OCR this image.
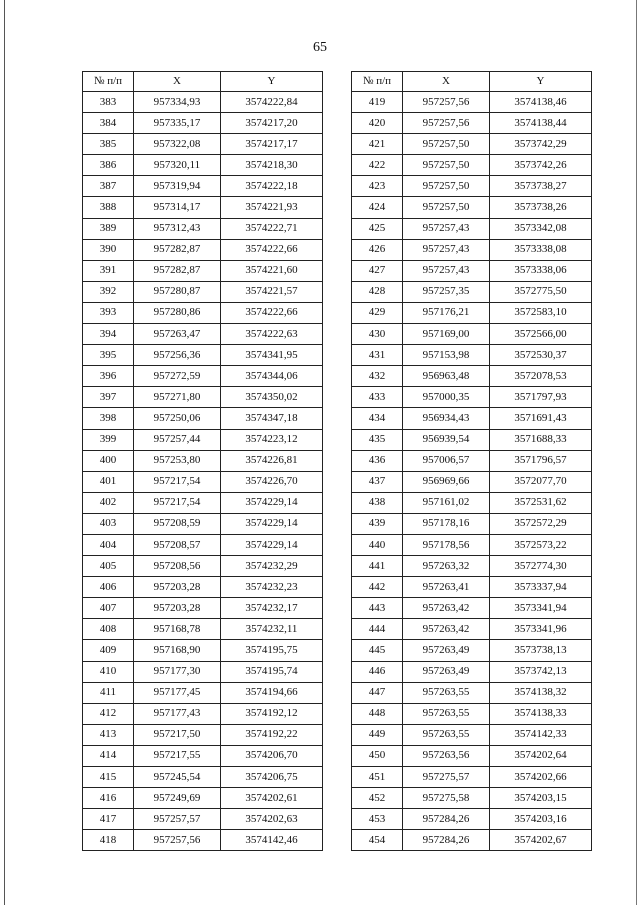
65
№ п/п	X	Y
383	957334,93	3574222,84
384	957335,17	3574217,20
385	957322,08	3574217,17
386	957320,11	3574218,30
387	957319,94	3574222,18
388	957314,17	3574221,93
389	957312,43	3574222,71
390	957282,87	3574222,66
391	957282,87	3574221,60
392	957280,87	3574221,57
393	957280,86	3574222,66
394	957263,47	3574222,63
395	957256,36	3574341,95
396	957272,59	3574344,06
397	957271,80	3574350,02
398	957250,06	3574347,18
399	957257,44	3574223,12
400	957253,80	3574226,81
401	957217,54	3574226,70
402	957217,54	3574229,14
403	957208,59	3574229,14
404	957208,57	3574229,14
405	957208,56	3574232,29
406	957203,28	3574232,23
407	957203,28	3574232,17
408	957168,78	3574232,11
409	957168,90	3574195,75
410	957177,30	3574195,74
411	957177,45	3574194,66
412	957177,43	3574192,12
413	957217,50	3574192,22
414	957217,55	3574206,70
415	957245,54	3574206,75
416	957249,69	3574202,61
417	957257,57	3574202,63
418	957257,56	3574142,46
№ п/п	X	Y
419	957257,56	3574138,46
420	957257,56	3574138,44
421	957257,50	3573742,29
422	957257,50	3573742,26
423	957257,50	3573738,27
424	957257,50	3573738,26
425	957257,43	3573342,08
426	957257,43	3573338,08
427	957257,43	3573338,06
428	957257,35	3572775,50
429	957176,21	3572583,10
430	957169,00	3572566,00
431	957153,98	3572530,37
432	956963,48	3572078,53
433	957000,35	3571797,93
434	956934,43	3571691,43
435	956939,54	3571688,33
436	957006,57	3571796,57
437	956969,66	3572077,70
438	957161,02	3572531,62
439	957178,16	3572572,29
440	957178,56	3572573,22
441	957263,32	3572774,30
442	957263,41	3573337,94
443	957263,42	3573341,94
444	957263,42	3573341,96
445	957263,49	3573738,13
446	957263,49	3573742,13
447	957263,55	3574138,32
448	957263,55	3574138,33
449	957263,55	3574142,33
450	957263,56	3574202,64
451	957275,57	3574202,66
452	957275,58	3574203,15
453	957284,26	3574203,16
454	957284,26	3574202,67
